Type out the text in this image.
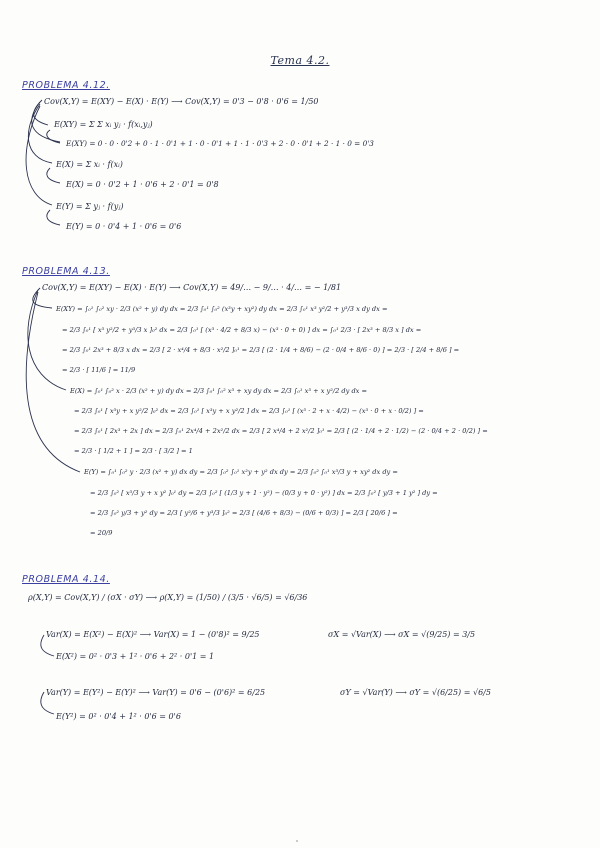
Tema 4.2.
PROBLEMA 4.12.
Cov(X,Y) = E(XY) − E(X) · E(Y) ⟶ Cov(X,Y) = 0'3 − 0'8 · 0'6 = 1/50
E(XY) = Σ Σ xᵢ yⱼ · f(xᵢ,yⱼ)
E(XY) = 0 · 0 · 0'2 + 0 · 1 · 0'1 + 1 · 0 · 0'1 + 1 · 1 · 0'3 + 2 · 0 · 0'1 + 2 · 1 · 0 = 0'3
E(X) = Σ xᵢ · f(xᵢ)
E(X) = 0 · 0'2 + 1 · 0'6 + 2 · 0'1 = 0'8
E(Y) = Σ yⱼ · f(yⱼ)
E(Y) = 0 · 0'4 + 1 · 0'6 = 0'6
PROBLEMA 4.13.
Cov(X,Y) = E(XY) − E(X) · E(Y) ⟶ Cov(X,Y) = 49/… − 9/… · 4/… = − 1/81
E(XY) = ∫₀¹ ∫₀² xy · 2/3 (x² + y) dy dx = 2/3 ∫₀¹ ∫₀² (x³y + xy²) dy dx = 2/3 ∫₀¹ x³ y²/2 + y³/3 x dy dx =
= 2/3 ∫₀¹ [ x³ y²/2 + y³/3 x ]₀² dx = 2/3 ∫₀¹ [ (x³ · 4/2 + 8/3 x) − (x³ · 0 + 0) ] dx = ∫₀¹ 2/3 · [ 2x³ + 8/3 x ] dx =
= 2/3 ∫₀¹ 2x³ + 8/3 x dx = 2/3 [ 2 · x⁴/4 + 8/3 · x²/2 ]₀¹ = 2/3 [ (2 · 1/4 + 8/6) − (2 · 0/4 + 8/6 · 0) ] = 2/3 · [ 2/4 + 8/6 ] =
= 2/3 · [ 11/6 ] = 11/9
E(X) = ∫₀¹ ∫₀² x · 2/3 (x² + y) dy dx = 2/3 ∫₀¹ ∫₀² x³ + xy dy dx = 2/3 ∫₀¹ x³ + x y²/2 dy dx =
= 2/3 ∫₀¹ [ x³y + x y²/2 ]₀² dx = 2/3 ∫₀¹ [ x³y + x y²/2 ] dx = 2/3 ∫₀¹ [ (x³ · 2 + x · 4/2) − (x³ · 0 + x · 0/2) ] =
= 2/3 ∫₀¹ [ 2x³ + 2x ] dx = 2/3 ∫₀¹ 2x⁴/4 + 2x²/2 dx = 2/3 [ 2 x⁴/4 + 2 x²/2 ]₀¹ = 2/3 [ (2 · 1/4 + 2 · 1/2) − (2 · 0/4 + 2 · 0/2) ] =
= 2/3 · [ 1/2 + 1 ] = 2/3 · [ 3/2 ] = 1
E(Y) = ∫₀¹ ∫₀² y · 2/3 (x² + y) dx dy = 2/3 ∫₀² ∫₀¹ x²y + y² dx dy = 2/3 ∫₀² ∫₀¹ x³/3 y + xy² dx dy =
= 2/3 ∫₀² [ x³/3 y + x y² ]₀¹ dy = 2/3 ∫₀² [ (1/3 y + 1 · y²) − (0/3 y + 0 · y²) ] dx = 2/3 ∫₀² [ y/3 + 1 y² ] dy =
= 2/3 ∫₀² y/3 + y² dy = 2/3 [ y²/6 + y³/3 ]₀² = 2/3 [ (4/6 + 8/3) − (0/6 + 0/3) ] = 2/3 [ 20/6 ] =
= 20/9
PROBLEMA 4.14.
ρ(X,Y) = Cov(X,Y) / (σX · σY) ⟶ ρ(X,Y) = (1/50) / (3/5 · √6/5) = √6/36
Var(X) = E(X²) − E(X)² ⟶ Var(X) = 1 − (0'8)² = 9/25	σX = √Var(X) ⟶ σX = √(9/25) = 3/5
E(X²) = 0² · 0'3 + 1² · 0'6 + 2² · 0'1 = 1
Var(Y) = E(Y²) − E(Y)² ⟶ Var(Y) = 0'6 − (0'6)² = 6/25	σY = √Var(Y) ⟶ σY = √(6/25) = √6/5
E(Y²) = 0² · 0'4 + 1² · 0'6 = 0'6
